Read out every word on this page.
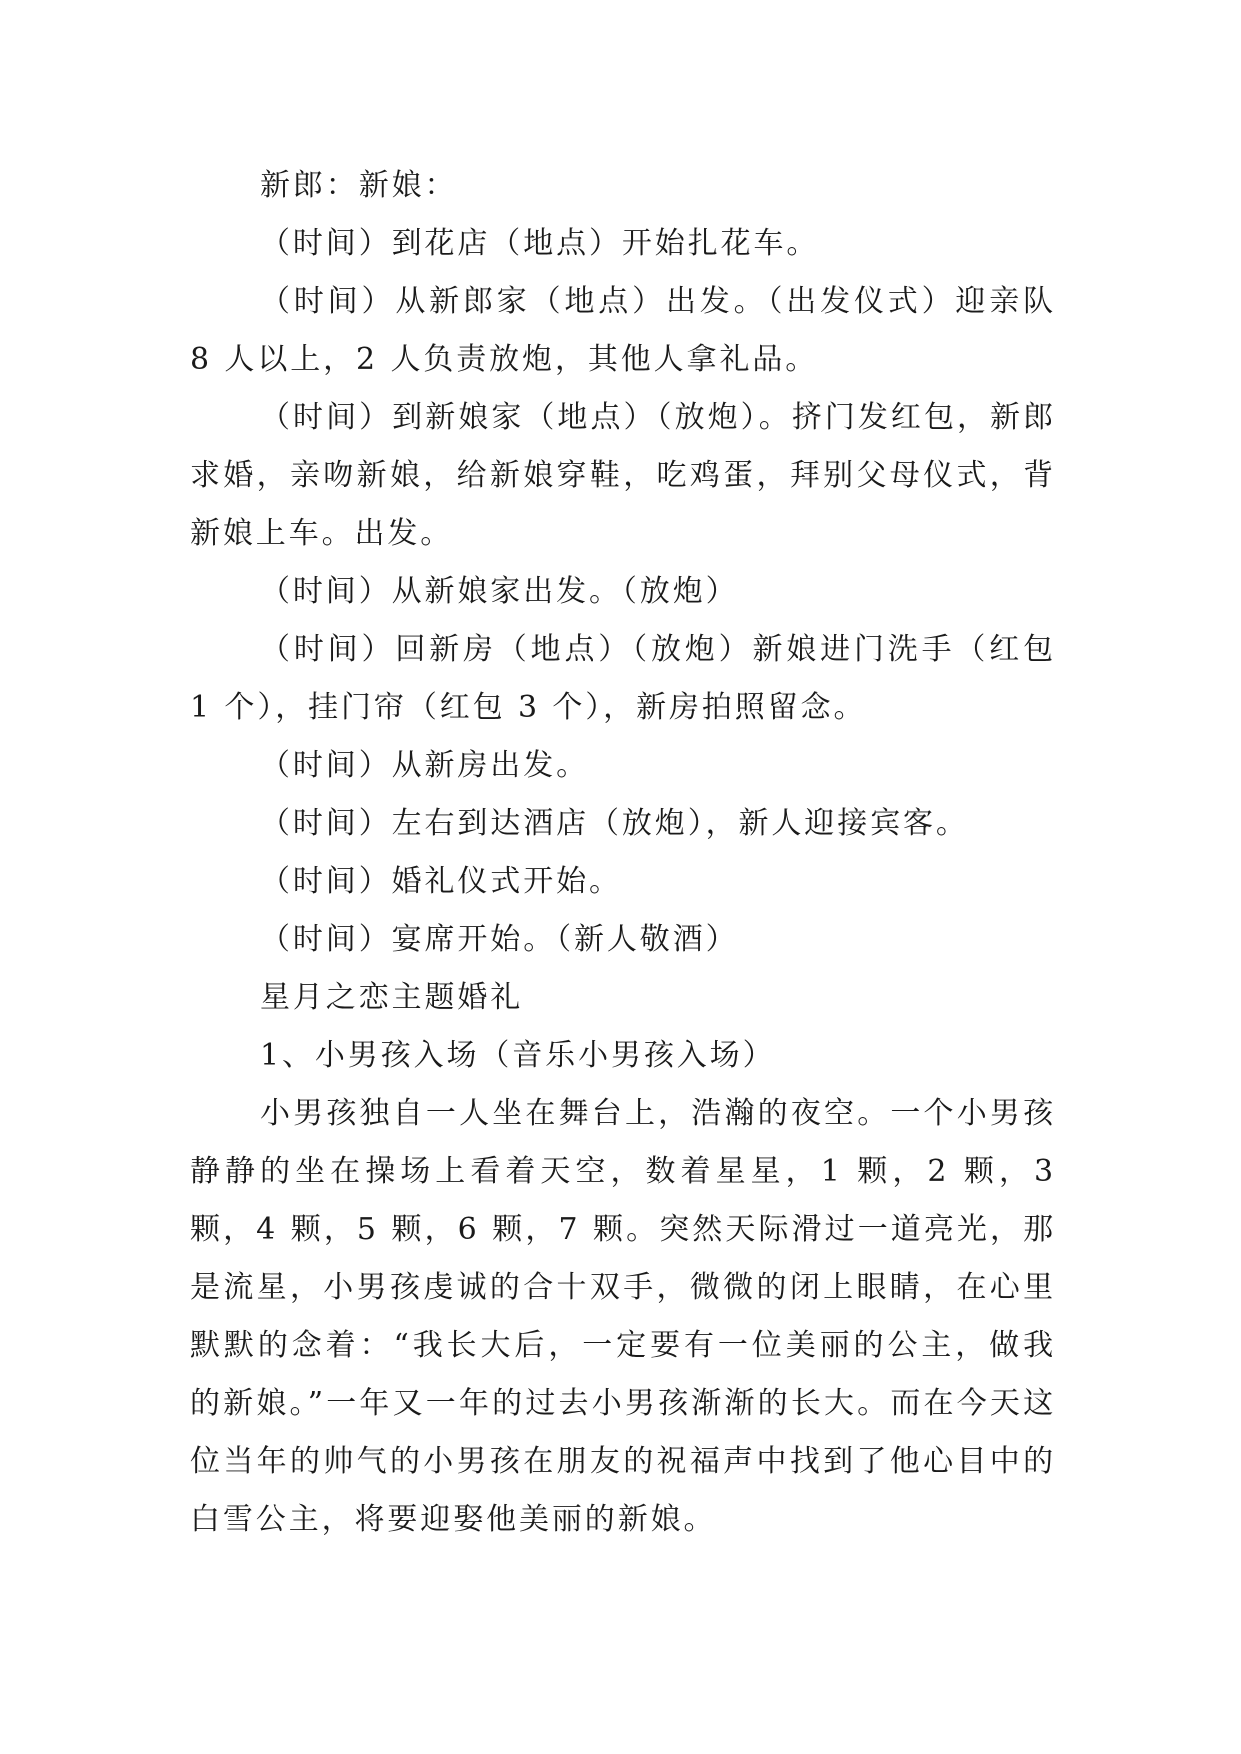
新郎：新娘：

（时间）到花店（地点）开始扎花车。

（时间）从新郎家（地点）出发。（出发仪式）迎亲队 8 人以上，2 人负责放炮，其他人拿礼品。

（时间）到新娘家（地点）（放炮）。挤门发红包，新郎求婚，亲吻新娘，给新娘穿鞋，吃鸡蛋，拜别父母仪式，背新娘上车。出发。

（时间）从新娘家出发。（放炮）

（时间）回新房（地点）（放炮）新娘进门洗手（红包 1 个），挂门帘（红包 3 个），新房拍照留念。

（时间）从新房出发。

（时间）左右到达酒店（放炮），新人迎接宾客。

（时间）婚礼仪式开始。

（时间）宴席开始。（新人敬酒）

星月之恋主题婚礼

1、小男孩入场（音乐小男孩入场）

小男孩独自一人坐在舞台上，浩瀚的夜空。一个小男孩静静的坐在操场上看着天空，数着星星，1 颗，2 颗，3 颗，4 颗，5 颗，6 颗，7 颗。突然天际滑过一道亮光，那是流星，小男孩虔诚的合十双手，微微的闭上眼睛，在心里默默的念着：“我长大后，一定要有一位美丽的公主，做我的新娘。”一年又一年的过去小男孩渐渐的长大。而在今天这位当年的帅气的小男孩在朋友的祝福声中找到了他心目中的白雪公主，将要迎娶他美丽的新娘。
